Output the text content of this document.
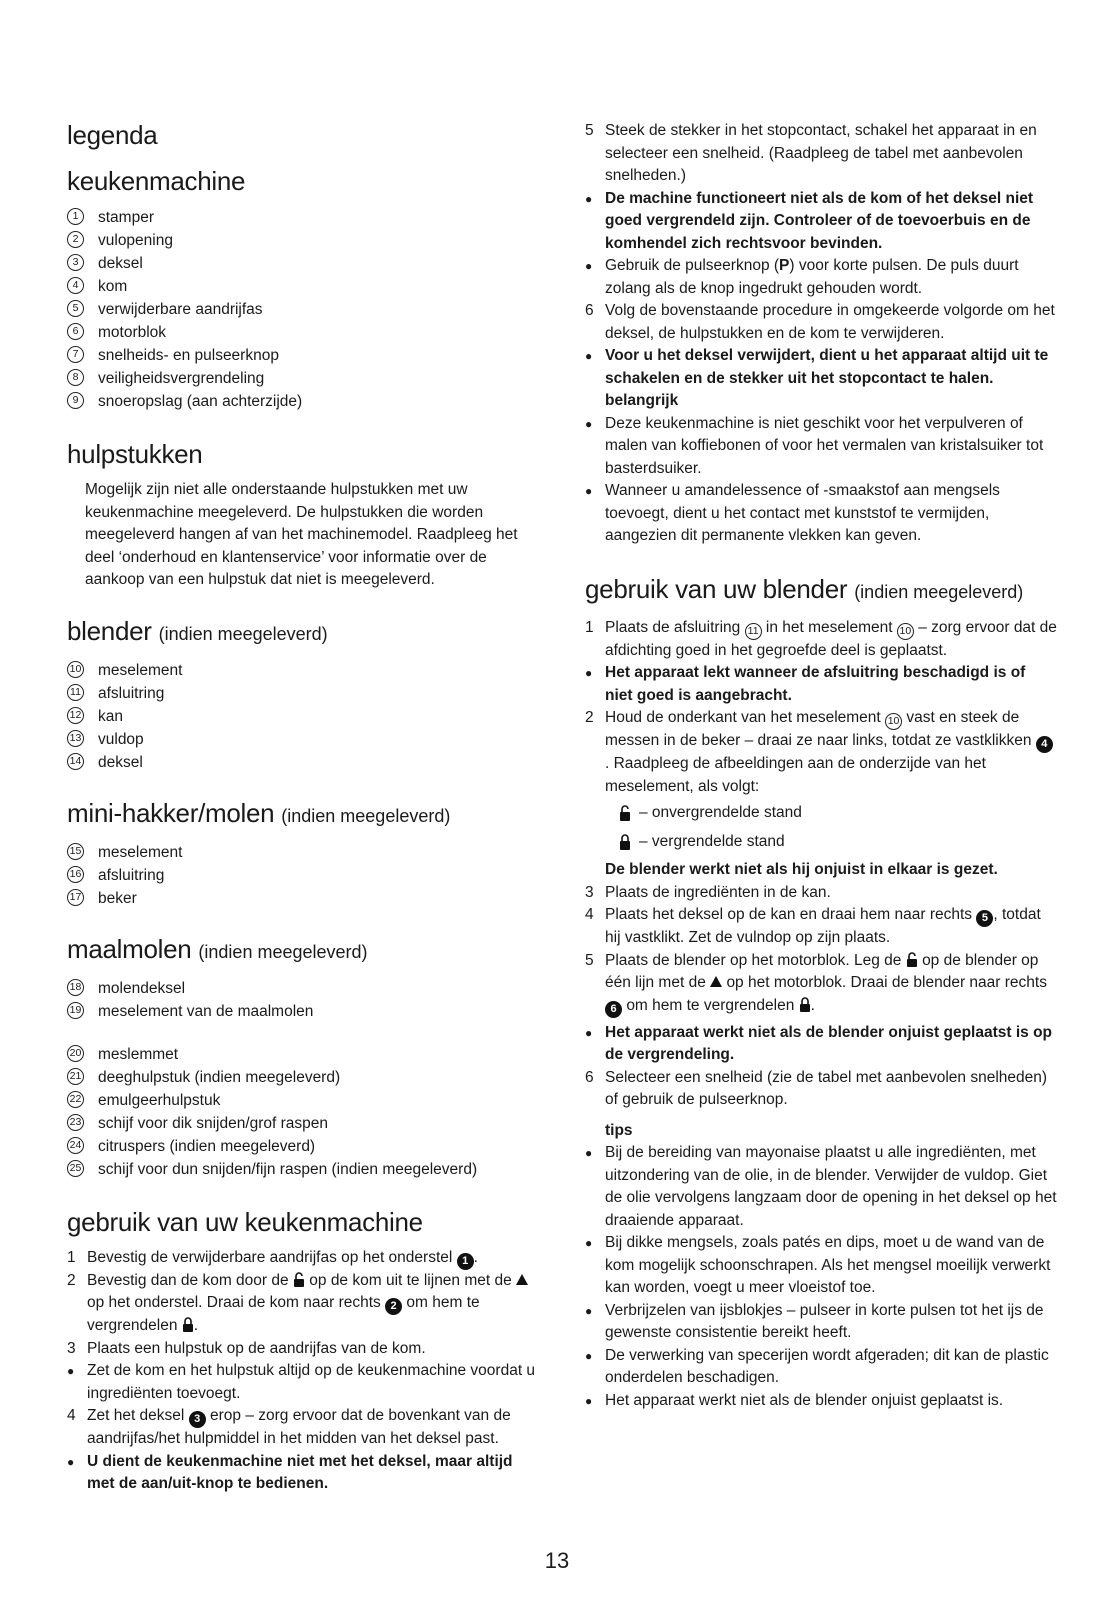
legenda
keukenmachine
1	stamper
2	vulopening
3	deksel
4	kom
5	verwijderbare aandrijfas
6	motorblok
7	snelheids- en pulseerknop
8	veiligheidsvergrendeling
9	snoeropslag (aan achterzijde)
hulpstukken

Mogelijk zijn niet alle onderstaande hulpstukken met uw keukenmachine meegeleverd. De hulpstukken die worden meegeleverd hangen af van het machinemodel. Raadpleeg het deel ‘onderhoud en klantenservice’ voor informatie over de aankoop van een hulpstuk dat niet is meegeleverd.

blender (indien meegeleverd)
10 meselement
11 afsluitring
12 kan
13 vuldop
14 deksel
mini-hakker/molen (indien meegeleverd)
15 meselement
16 afsluitring
17 beker
maalmolen (indien meegeleverd)
18 molendeksel
19 meselement van de maalmolen
20 meslemmet
21 deeghulpstuk (indien meegeleverd)
22 emulgeerhulpstuk
23 schijf voor dik snijden/grof raspen
24 citruspers (indien meegeleverd)
25 schijf voor dun snijden/fijn raspen (indien meegeleverd)
gebruik van uw keukenmachine
1 Bevestig de verwijderbare aandrijfas op het onderstel 1 .
2 Bevestig dan de kom door de op de kom uit te lijnen met de  op het onderstel. Draai de kom naar rechts 2 om hem te vergrendelen .
3 Plaats een hulpstuk op de aandrijfas van de kom.
● Zet de kom en het hulpstuk altijd op de keukenmachine voordat u ingrediënten toevoegt.
4 Zet het deksel 3 erop – zorg ervoor dat de bovenkant van de aandrijfas/het hulpmiddel in het midden van het deksel past.
● U dient de keukenmachine niet met het deksel, maar altijd met de aan/uit-knop te bedienen.
5 Steek de stekker in het stopcontact, schakel het apparaat in en selecteer een snelheid. (Raadpleeg de tabel met aanbevolen snelheden.)
● De machine functioneert niet als de kom of het deksel niet goed vergrendeld zijn. Controleer of de toevoerbuis en de komhendel zich rechtsvoor bevinden.
● Gebruik de pulseerknop (P) voor korte pulsen. De puls duurt zolang als de knop ingedrukt gehouden wordt.
6 Volg de bovenstaande procedure in omgekeerde volgorde om het deksel, de hulpstukken en de kom te verwijderen.
● Voor u het deksel verwijdert, dient u het apparaat altijd uit te schakelen en de stekker uit het stopcontact te halen.
belangrijk
● Deze keukenmachine is niet geschikt voor het verpulveren of malen van koffiebonen of voor het vermalen van kristalsuiker tot basterdsuiker.
● Wanneer u amandelessence of -smaakstof aan mengsels toevoegt, dient u het contact met kunststof te vermijden, aangezien dit permanente vlekken kan geven.
gebruik van uw blender (indien meegeleverd)
1 Plaats de afsluitring 11 in het meselement 10 – zorg ervoor dat de afdichting goed in het gegroefde deel is geplaatst.
● Het apparaat lekt wanneer de afsluitring beschadigd is of niet goed is aangebracht.
2 Houd de onderkant van het meselement 10 vast en steek de messen in de beker – draai ze naar links, totdat ze vastklikken 4. Raadpleeg de afbeeldingen aan de onderzijde van het meselement, als volgt:
– onvergrendelde stand
– vergrendelde stand
De blender werkt niet als hij onjuist in elkaar is gezet.
3 Plaats de ingrediënten in de kan.
4 Plaats het deksel op de kan en draai hem naar rechts 5 , totdat hij vastklikt. Zet de vulndop op zijn plaats.
5 Plaats de blender op het motorblok. Leg de op de blender op één lijn met de op het motorblok. Draai de blender naar rechts 6 om hem te vergrendelen .
● Het apparaat werkt niet als de blender onjuist geplaatst is op de vergrendeling.
6 Selecteer een snelheid (zie de tabel met aanbevolen snelheden) of gebruik de pulseerknop.
tips
● Bij de bereiding van mayonaise plaatst u alle ingrediënten, met uitzondering van de olie, in de blender. Verwijder de vuldop. Giet de olie vervolgens langzaam door de opening in het deksel op het draaiende apparaat.
● Bij dikke mengsels, zoals patés en dips, moet u de wand van de kom mogelijk schoonschrapen. Als het mengsel moeilijk verwerkt kan worden, voegt u meer vloeistof toe.
● Verbrijzelen van ijsblokjes – pulseer in korte pulsen tot het ijs de gewenste consistentie bereikt heeft.
● De verwerking van specerijen wordt afgeraden; dit kan de plastic onderdelen beschadigen.
● Het apparaat werkt niet als de blender onjuist geplaatst is.
13
